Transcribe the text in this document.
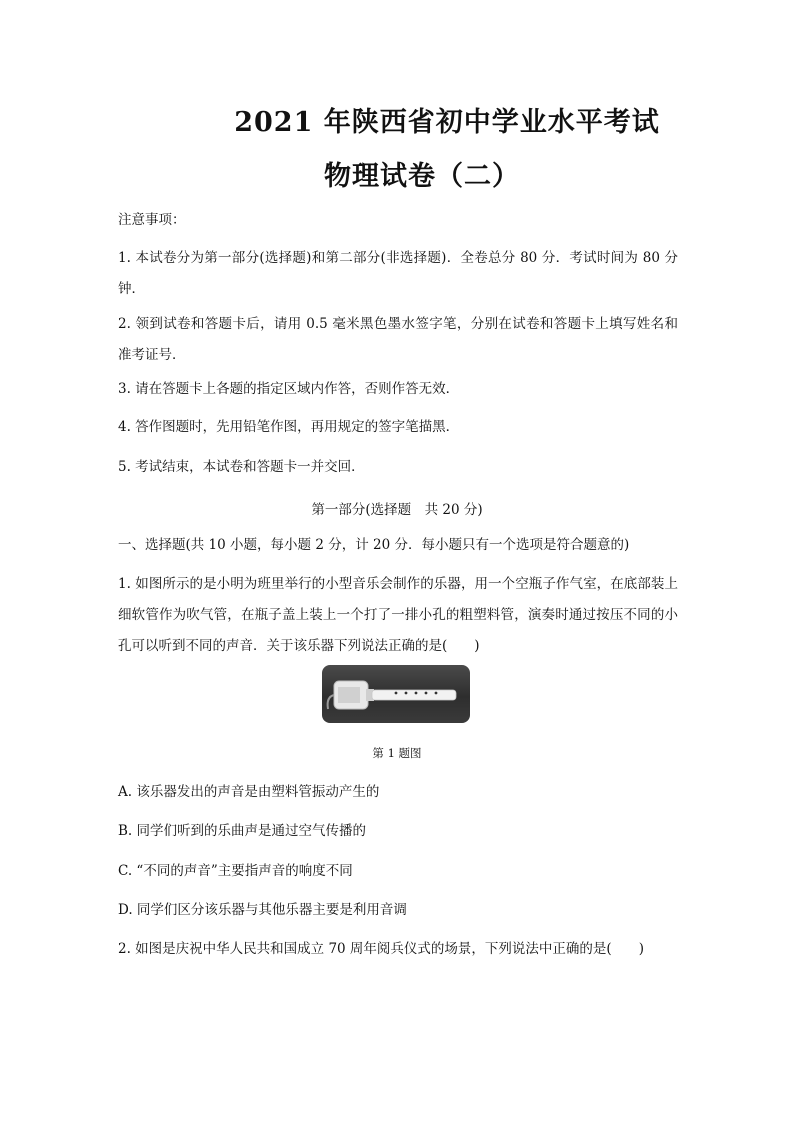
2021 年陕西省初中学业水平考试
物理试卷（二）

注意事项：

1. 本试卷分为第一部分(选择题)和第二部分(非选择题)．全卷总分 80 分．考试时间为 80 分钟．

2. 领到试卷和答题卡后，请用 0.5 毫米黑色墨水签字笔，分别在试卷和答题卡上填写姓名和准考证号．

3. 请在答题卡上各题的指定区域内作答，否则作答无效．

4. 答作图题时，先用铅笔作图，再用规定的签字笔描黑．

5. 考试结束，本试卷和答题卡一并交回．

第一部分(选择题　共 20 分)

一、选择题(共 10 小题，每小题 2 分，计 20 分．每小题只有一个选项是符合题意的)

1. 如图所示的是小明为班里举行的小型音乐会制作的乐器，用一个空瓶子作气室，在底部装上细软管作为吹气管，在瓶子盖上装上一个打了一排小孔的粗塑料管，演奏时通过按压不同的小孔可以听到不同的声音．关于该乐器下列说法正确的是(　　)

第 1 题图

A. 该乐器发出的声音是由塑料管振动产生的

B. 同学们听到的乐曲声是通过空气传播的

C. “不同的声音”主要指声音的响度不同

D. 同学们区分该乐器与其他乐器主要是利用音调

2. 如图是庆祝中华人民共和国成立 70 周年阅兵仪式的场景，下列说法中正确的是(　　)
